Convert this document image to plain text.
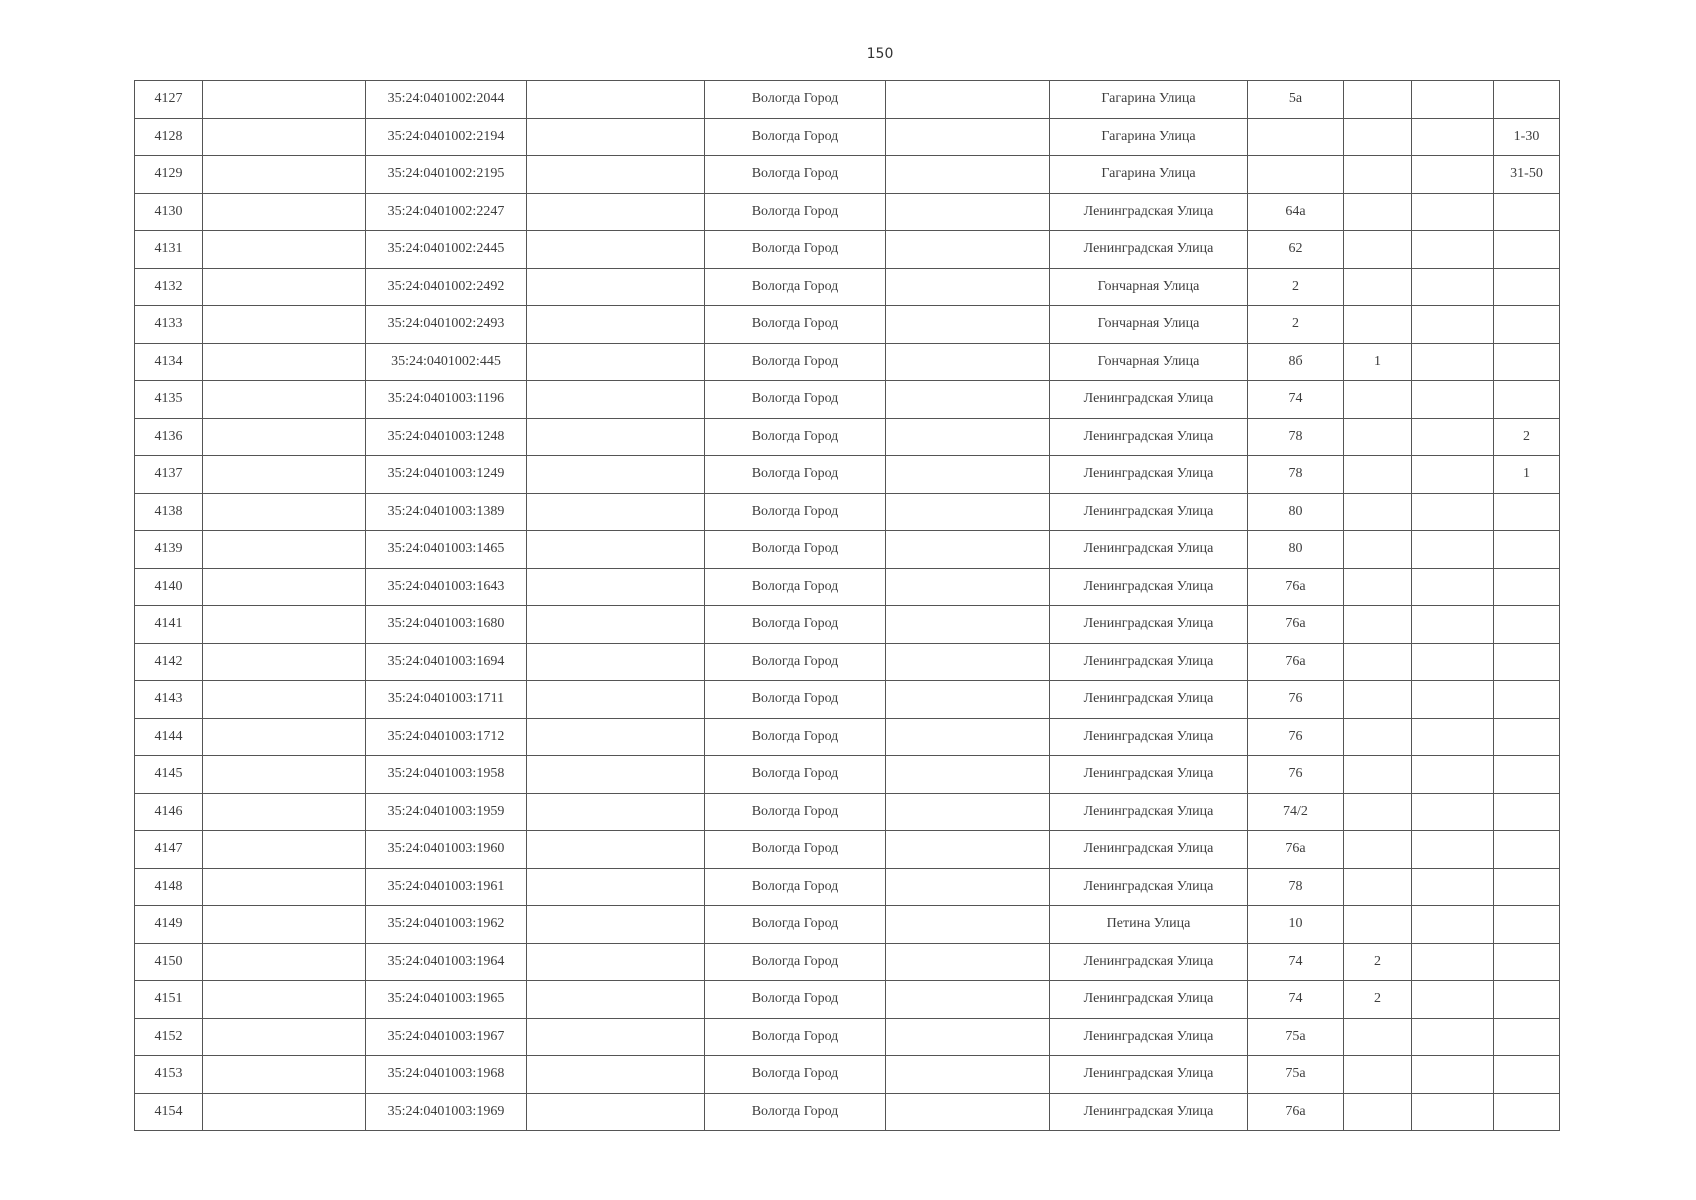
150
4127		35:24:0401002:2044		Вологда Город		Гагарина Улица	5а			
4128		35:24:0401002:2194		Вологда Город		Гагарина Улица				1-30
4129		35:24:0401002:2195		Вологда Город		Гагарина Улица				31-50
4130		35:24:0401002:2247		Вологда Город		Ленинградская Улица	64а			
4131		35:24:0401002:2445		Вологда Город		Ленинградская Улица	62			
4132		35:24:0401002:2492		Вологда Город		Гончарная Улица	2			
4133		35:24:0401002:2493		Вологда Город		Гончарная Улица	2			
4134		35:24:0401002:445		Вологда Город		Гончарная Улица	8б	1		
4135		35:24:0401003:1196		Вологда Город		Ленинградская Улица	74			
4136		35:24:0401003:1248		Вологда Город		Ленинградская Улица	78			2
4137		35:24:0401003:1249		Вологда Город		Ленинградская Улица	78			1
4138		35:24:0401003:1389		Вологда Город		Ленинградская Улица	80			
4139		35:24:0401003:1465		Вологда Город		Ленинградская Улица	80			
4140		35:24:0401003:1643		Вологда Город		Ленинградская Улица	76а			
4141		35:24:0401003:1680		Вологда Город		Ленинградская Улица	76а			
4142		35:24:0401003:1694		Вологда Город		Ленинградская Улица	76а			
4143		35:24:0401003:1711		Вологда Город		Ленинградская Улица	76			
4144		35:24:0401003:1712		Вологда Город		Ленинградская Улица	76			
4145		35:24:0401003:1958		Вологда Город		Ленинградская Улица	76			
4146		35:24:0401003:1959		Вологда Город		Ленинградская Улица	74/2			
4147		35:24:0401003:1960		Вологда Город		Ленинградская Улица	76а			
4148		35:24:0401003:1961		Вологда Город		Ленинградская Улица	78			
4149		35:24:0401003:1962		Вологда Город		Петина Улица	10			
4150		35:24:0401003:1964		Вологда Город		Ленинградская Улица	74	2		
4151		35:24:0401003:1965		Вологда Город		Ленинградская Улица	74	2		
4152		35:24:0401003:1967		Вологда Город		Ленинградская Улица	75а			
4153		35:24:0401003:1968		Вологда Город		Ленинградская Улица	75а			
4154		35:24:0401003:1969		Вологда Город		Ленинградская Улица	76а			
